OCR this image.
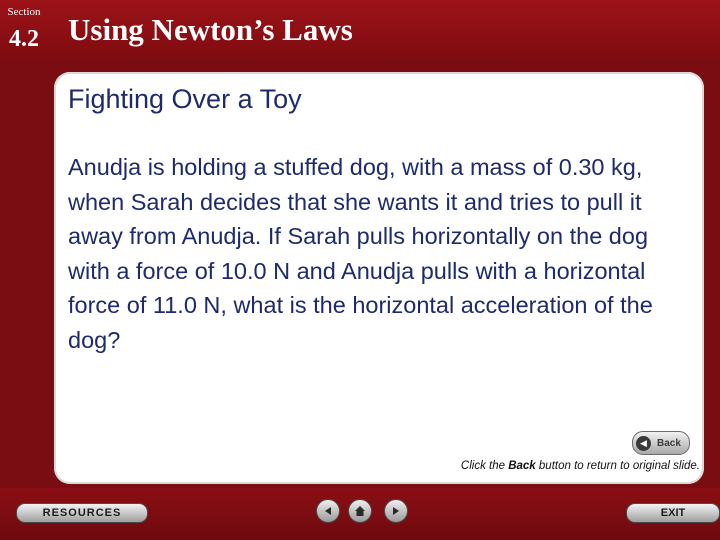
Section
4.2 Using Newton’s Laws
Fighting Over a Toy
Anudja is holding a stuffed dog, with a mass of 0.30 kg, when Sarah decides that she wants it and tries to pull it away from Anudja. If Sarah pulls horizontally on the dog with a force of 10.0 N and Anudja pulls with a horizontal force of 11.0 N, what is the horizontal acceleration of the dog?
◀	Back
Click the Back button to return to original slide.
RESOURCES	EXIT
